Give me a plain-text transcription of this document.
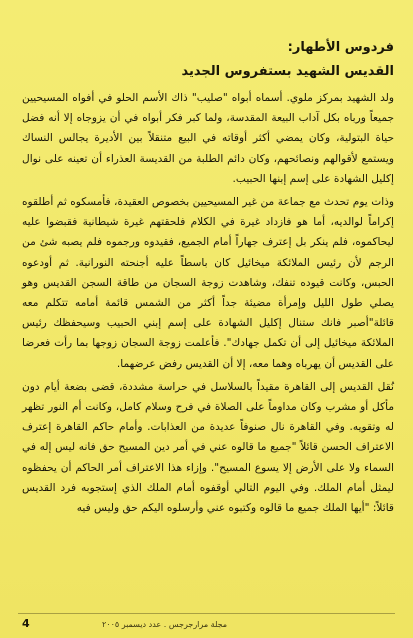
فردوس الأطهار:

القديس الشهيد بستفروس الجديد

ولد الشهيد بمركز ملوي. أسماه أبواه "صليب" ذاك الأسم الحلو في أفواه المسيحيين جميعاً ورباه بكل آداب البيعة المقدسة، ولما كبر فكر أبواه في أن يزوجاه إلا أنه فضل حياة البتولية، وكان يمضي أكثر أوقاته في البيع متنقلاً بين الأديرة يجالس النساك ويستمع لأقوالهم ونصائحهم، وكان دائم الطلبة من القديسة العذراء أن تعينه على نوال إكليل الشهادة على إسم إبنها الحبيب.

وذات يوم تحدث مع جماعة من غير المسيحيين بخصوص العقيدة، فأمسكوه ثم أطلقوه إكراماً لوالديه، أما هو فازداد غيرة في الكلام فلحقتهم غيرة شيطانية فقبضوا عليه ليحاكموه، فلم ينكر بل إعترف جهاراً أمام الجميع، فقيدوه ورجموه فلم يصبه شئ من الرجم لأن رئيس الملائكة ميخائيل كان باسطاً عليه أجنحته النورانية. ثم أودعوه الحبس، وكانت قيوده تنفك، وشاهدت زوجة السجان من طاقة السجن القديس وهو يصلي طول الليل وإمرأة مضيئة جداً أكثر من الشمس قائمة أمامه تتكلم معه قائلة"أصبر فانك ستنال إكليل الشهادة على إسم إبني الحبيب وسيحفظك رئيس الملائكة ميخائيل إلى أن تكمل جهادك". فأعلمت زوجة السجان زوجها بما رأت فعرضا على القديس أن يهرباه وهما معه، إلا أن القديس رفض عرضهما.

نُقل القديس إلى القاهرة مقيداً بالسلاسل في حراسة مشددة، قضى بضعة أيام دون مأكل أو مشرب وكان مداوماً على الصلاة في فرح وسلام كامل، وكانت أم النور تظهر له وتقويه. وفي القاهرة نال صنوفاً عديدة من العذابات. وأمام حاكم القاهرة إعترف الاعتراف الحسن قائلاً "جميع ما قالوه عني في أمر دين المسيح حق فانه ليس إله في السماء ولا على الأرض إلا يسوع المسيح". وإزاء هذا الاعتراف أمر الحاكم أن يحفظوه ليمثل أمام الملك. وفي اليوم التالي أوقفوه أمام الملك الذي إستجوبه فرد القديس قائلاً: "أيها الملك جميع ما قالوه وكتبوه عني وأرسلوه اليكم حق وليس فيه

4	مجلة مرارجرجس . عدد ديسمبر ٢٠٠٥
